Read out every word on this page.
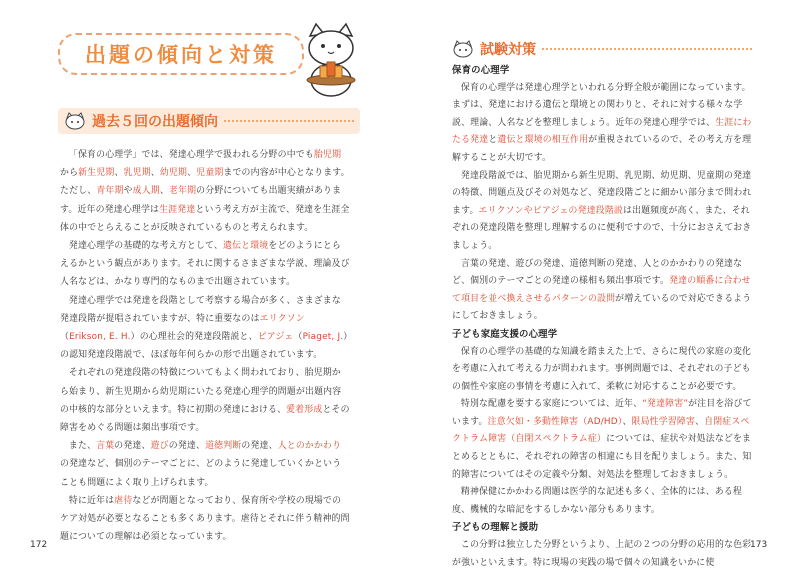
出題の傾向と対策
過去５回の出題傾向

「保育の心理学」では、発達心理学で扱われる分野の中でも胎児期から新生児期、乳児期、幼児期、児童期までの内容が中心となります。ただし、青年期や成人期、老年期の分野についても出題実績があります。近年の発達心理学は生涯発達という考え方が主流で、発達を生涯全体の中でとらえることが反映されているものと考えられます。

発達心理学の基礎的な考え方として、遺伝と環境をどのようにとらえるかという観点があります。それに関するさまざまな学説、理論及び人名などは、かなり専門的なものまで出題されています。

発達心理学では発達を段階として考察する場合が多く、さまざまな発達段階が提唱されていますが、特に重要なのはエリクソン（Erikson, E. H.）の心理社会的発達段階説と、ピアジェ（Piaget, J.）の認知発達段階説で、ほぼ毎年何らかの形で出題されています。

それぞれの発達段階の特徴についてもよく問われており、胎児期から始まり、新生児期から幼児期にいたる発達心理学的問題が出題内容の中核的な部分といえます。特に初期の発達における、愛着形成とその障害をめぐる問題は頻出事項です。

また、言葉の発達、遊びの発達、道徳判断の発達、人とのかかわりの発達など、個別のテーマごとに、どのように発達していくかということも問題によく取り上げられます。

特に近年は虐待などが問題となっており、保育所や学校の現場でのケア対処が必要となることも多くあります。虐待とそれに伴う精神的問題についての理解は必須となっています。

172
試験対策

保育の心理学

保育の心理学は発達心理学といわれる分野全般が範囲になっています。まずは、発達における遺伝と環境との関わりと、それに対する様々な学説、理論、人名などを整理しましょう。近年の発達心理学では、生涯にわたる発達と遺伝と環境の相互作用が重視されているので、その考え方を理解することが大切です。

発達段階説では、胎児期から新生児期、乳児期、幼児期、児童期の発達の特徴、問題点及びその対処など、発達段階ごとに細かい部分まで問われます。エリクソンやピアジェの発達段階説は出題頻度が高く、また、それぞれの発達段階を整理し理解するのに便利ですので、十分におさえておきましょう。

言葉の発達、遊びの発達、道徳判断の発達、人とのかかわりの発達など、個別のテーマごとの発達の様相も頻出事項です。発達の順番に合わせて項目を並べ換えさせるパターンの設問が増えているので対応できるようにしておきましょう。

子ども家庭支援の心理学

保育の心理学の基礎的な知識を踏まえた上で、さらに現代の家庭の変化を考慮に入れて考える力が問われます。事例問題では、それぞれの子どもの個性や家庭の事情を考慮に入れて、柔軟に対応することが必要です。

特別な配慮を要する家庭については、近年、“発達障害”が注目を浴びています。注意欠如・多動性障害（AD/HD）、限局性学習障害、自閉症スペクトラム障害（自閉スペクトラム症）については、症状や対処法などをまとめるとともに、それぞれの障害の相違にも目を配りましょう。また、知的障害についてはその定義や分類、対処法を整理しておきましょう。

精神保健にかかわる問題は医学的な記述も多く、全体的には、ある程度、機械的な暗記をするしかない部分もあります。

子どもの理解と援助

この分野は独立した分野というより、上記の２つの分野の応用的な色彩が強いといえます。特に現場の実践の場で個々の知識をいかに使

173
